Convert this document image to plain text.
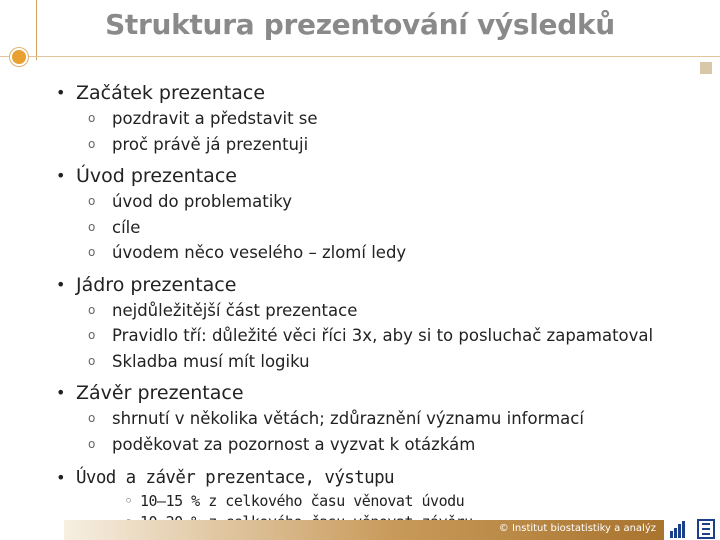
Struktura prezentování výsledků
• Začátek prezentace
o pozdravit a představit se
o proč právě já prezentuji
• Úvod prezentace
o úvod do problematiky
o cíle
o úvodem něco veselého – zlomí ledy
• Jádro prezentace
o nejdůležitější část prezentace
o Pravidlo tří: důležité věci říci 3x, aby si to posluchač zapamatoval
o Skladba musí mít logiku
• Závěr prezentace
o shrnutí v několika větách; zdůraznění významu informací
o poděkovat za pozornost a vyzvat k otázkám
• Úvod a závěr prezentace, výstupu
◦ 10–15 % z celkového času věnovat úvodu
© Institut biostatistiky a analýz
